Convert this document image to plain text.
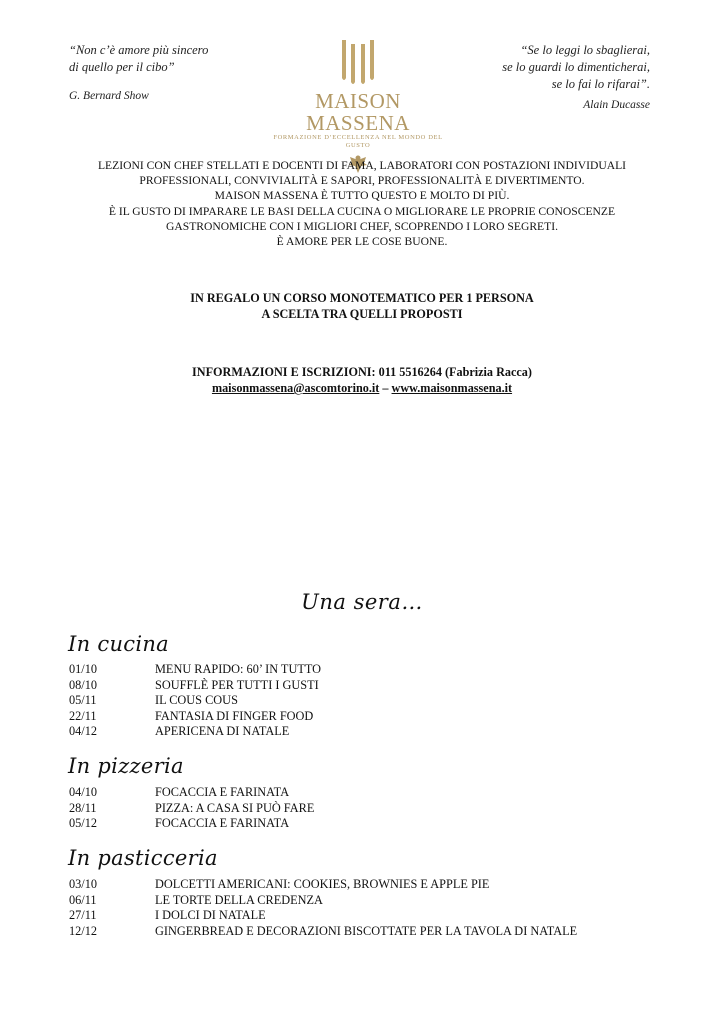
“Non c’è amore più sincero
di quello per il cibo”
G. Bernard Show	MAISON MASSENA
FORMAZIONE D’ECCELLENZA NEL MONDO DEL GUSTO
“Se lo leggi lo sbaglierai,
se lo guardi lo dimenticherai,
se lo fai lo rifarai”.
Alain Ducasse
LEZIONI CON CHEF STELLATI E DOCENTI DI FAMA, LABORATORI CON POSTAZIONI INDIVIDUALI
PROFESSIONALI, CONVIVIALITÀ E SAPORI, PROFESSIONALITÀ E DIVERTIMENTO.
MAISON MASSENA È TUTTO QUESTO E MOLTO DI PIÙ.
È IL GUSTO DI IMPARARE LE BASI DELLA CUCINA O MIGLIORARE LE PROPRIE CONOSCENZE
GASTRONOMICHE CON I MIGLIORI CHEF, SCOPRENDO I LORO SEGRETI.
È AMORE PER LE COSE BUONE.
IN REGALO UN CORSO MONOTEMATICO PER 1 PERSONA
A SCELTA TRA QUELLI PROPOSTI
INFORMAZIONI E ISCRIZIONI: 011 5516264 (Fabrizia Racca)
maisonmassena@ascomtorino.it – www.maisonmassena.it
Una sera…
In cucina
01/10	MENU RAPIDO: 60’ IN TUTTO
08/10	SOUFFLÈ PER TUTTI I GUSTI
05/11	IL COUS COUS
22/11	FANTASIA DI FINGER FOOD
04/12	APERICENA DI NATALE
In pizzeria
04/10	FOCACCIA E FARINATA
28/11	PIZZA: A CASA SI PUÒ FARE
05/12	FOCACCIA E FARINATA
In pasticceria
03/10	DOLCETTI AMERICANI: COOKIES, BROWNIES E APPLE PIE
06/11	LE TORTE DELLA CREDENZA
27/11	I DOLCI DI NATALE
12/12	GINGERBREAD E DECORAZIONI BISCOTTATE PER LA TAVOLA DI NATALE
